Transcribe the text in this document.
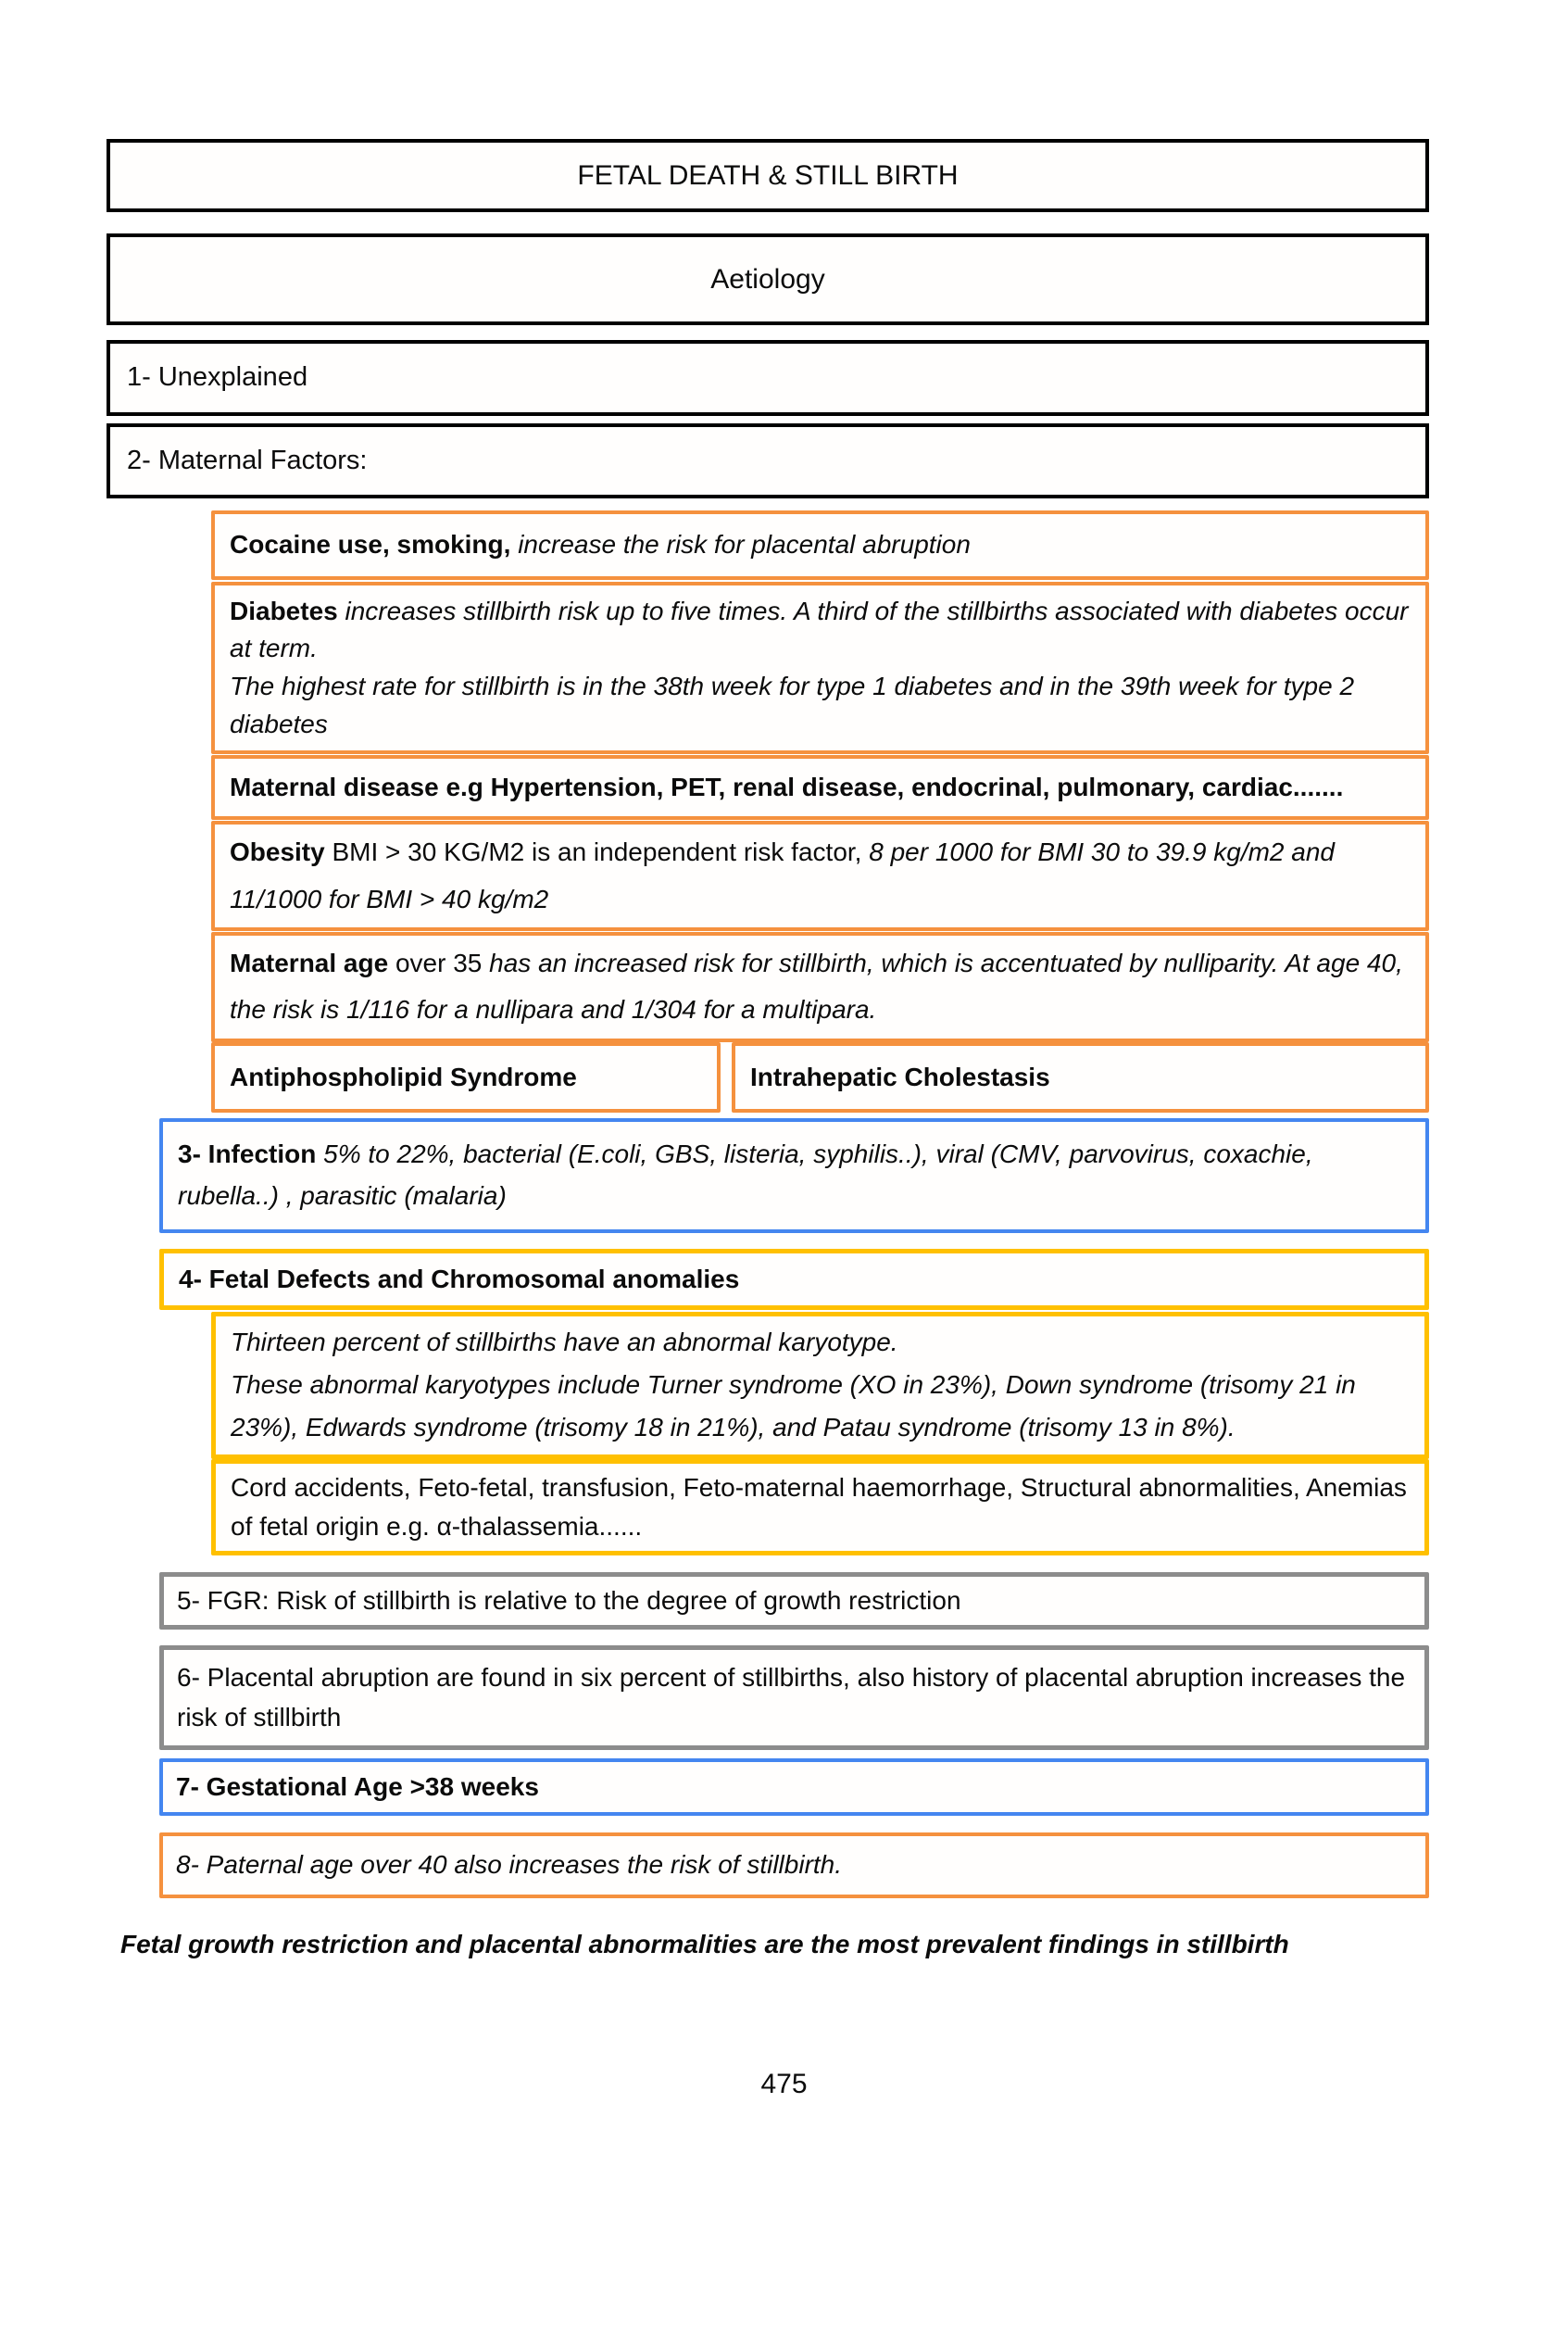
FETAL DEATH & STILL BIRTH
Aetiology
1- Unexplained
2- Maternal Factors:
Cocaine use, smoking, increase the risk for placental abruption
Diabetes increases stillbirth risk up to five times. A third of the stillbirths associated with diabetes occur at term.
The highest rate for stillbirth is in the 38th week for type 1 diabetes and in the 39th week for type 2 diabetes
Maternal disease e.g Hypertension, PET, renal disease, endocrinal, pulmonary, cardiac.......
Obesity BMI > 30 KG/M2 is an independent risk factor, 8 per 1000 for BMI 30 to 39.9 kg/m2 and 11/1000 for BMI > 40 kg/m2
Maternal age over 35 has an increased risk for stillbirth, which is accentuated by nulliparity. At age 40, the risk is 1/116 for a nullipara and 1/304 for a multipara.
Antiphospholipid Syndrome	Intrahepatic Cholestasis
3- Infection 5% to 22%, bacterial (E.coli, GBS, listeria, syphilis..), viral (CMV, parvovirus, coxachie, rubella..) , parasitic (malaria)
4- Fetal Defects and Chromosomal anomalies
Thirteen percent of stillbirths have an abnormal karyotype.
These abnormal karyotypes include Turner syndrome (XO in 23%), Down syndrome (trisomy 21 in 23%), Edwards syndrome (trisomy 18 in 21%), and Patau syndrome (trisomy 13 in 8%).
Cord accidents, Feto-fetal, transfusion, Feto-maternal haemorrhage, Structural abnormalities, Anemias of fetal origin e.g. α-thalassemia......
5- FGR: Risk of stillbirth is relative to the degree of growth restriction
6- Placental abruption are found in six percent of stillbirths, also history of placental abruption increases the risk of stillbirth
7- Gestational Age >38 weeks
8- Paternal age over 40 also increases the risk of stillbirth.
Fetal growth restriction and placental abnormalities are the most prevalent findings in stillbirth
475
